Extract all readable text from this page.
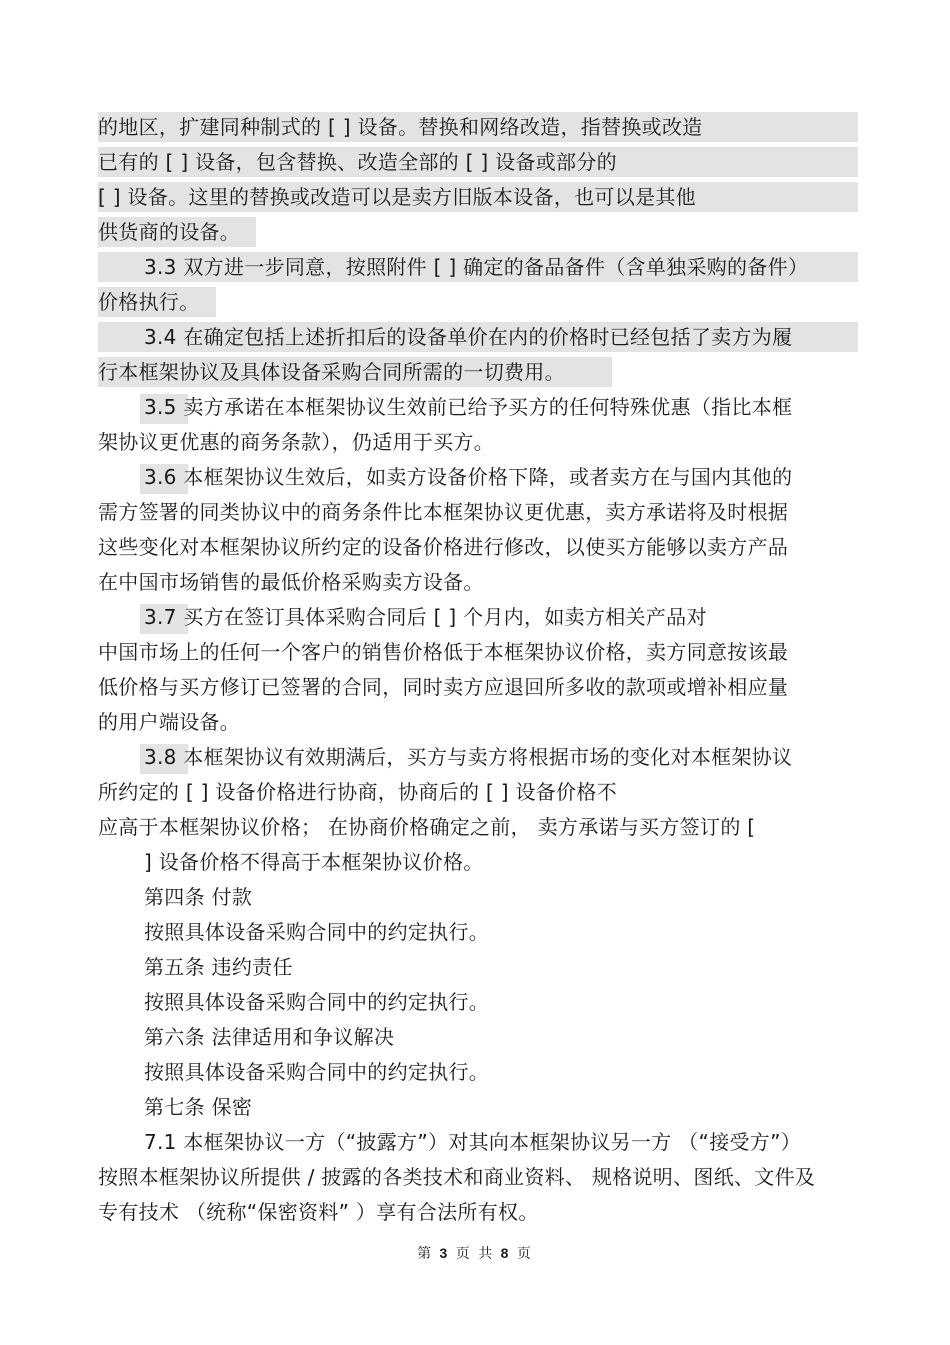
的地区，扩建同种制式的 [ ] 设备。替换和网络改造，指替换或改造
已有的 [ ] 设备，包含替换、改造全部的 [ ] 设备或部分的
[ ] 设备。这里的替换或改造可以是卖方旧版本设备，也可以是其他
供货商的设备。
3.3 双方进一步同意，按照附件 [ ] 确定的备品备件（含单独采购的备件）
价格执行。
3.4 在确定包括上述折扣后的设备单价在内的价格时已经包括了卖方为履
行本框架协议及具体设备采购合同所需的一切费用。
3.5 卖方承诺在本框架协议生效前已给予买方的任何特殊优惠（指比本框
架协议更优惠的商务条款），仍适用于买方。
3.6 本框架协议生效后，如卖方设备价格下降，或者卖方在与国内其他的
需方签署的同类协议中的商务条件比本框架协议更优惠，卖方承诺将及时根据
这些变化对本框架协议所约定的设备价格进行修改，以使买方能够以卖方产品
在中国市场销售的最低价格采购卖方设备。
3.7 买方在签订具体采购合同后 [ ] 个月内，如卖方相关产品对
中国市场上的任何一个客户的销售价格低于本框架协议价格，卖方同意按该最
低价格与买方修订已签署的合同，同时卖方应退回所多收的款项或增补相应量
的用户端设备。
3.8 本框架协议有效期满后，买方与卖方将根据市场的变化对本框架协议
所约定的 [ ] 设备价格进行协商，协商后的 [ ] 设备价格不
应高于本框架协议价格； 在协商价格确定之前， 卖方承诺与买方签订的 [
] 设备价格不得高于本框架协议价格。
第四条 付款
按照具体设备采购合同中的约定执行。
第五条 违约责任
按照具体设备采购合同中的约定执行。
第六条 法律适用和争议解决
按照具体设备采购合同中的约定执行。
第七条 保密
7.1 本框架协议一方（“披露方”）对其向本框架协议另一方 （“接受方”）
按照本框架协议所提供 / 披露的各类技术和商业资料、 规格说明、图纸、文件及
专有技术 （统称“保密资料” ）享有合法所有权。
第 3 页 共 8 页
